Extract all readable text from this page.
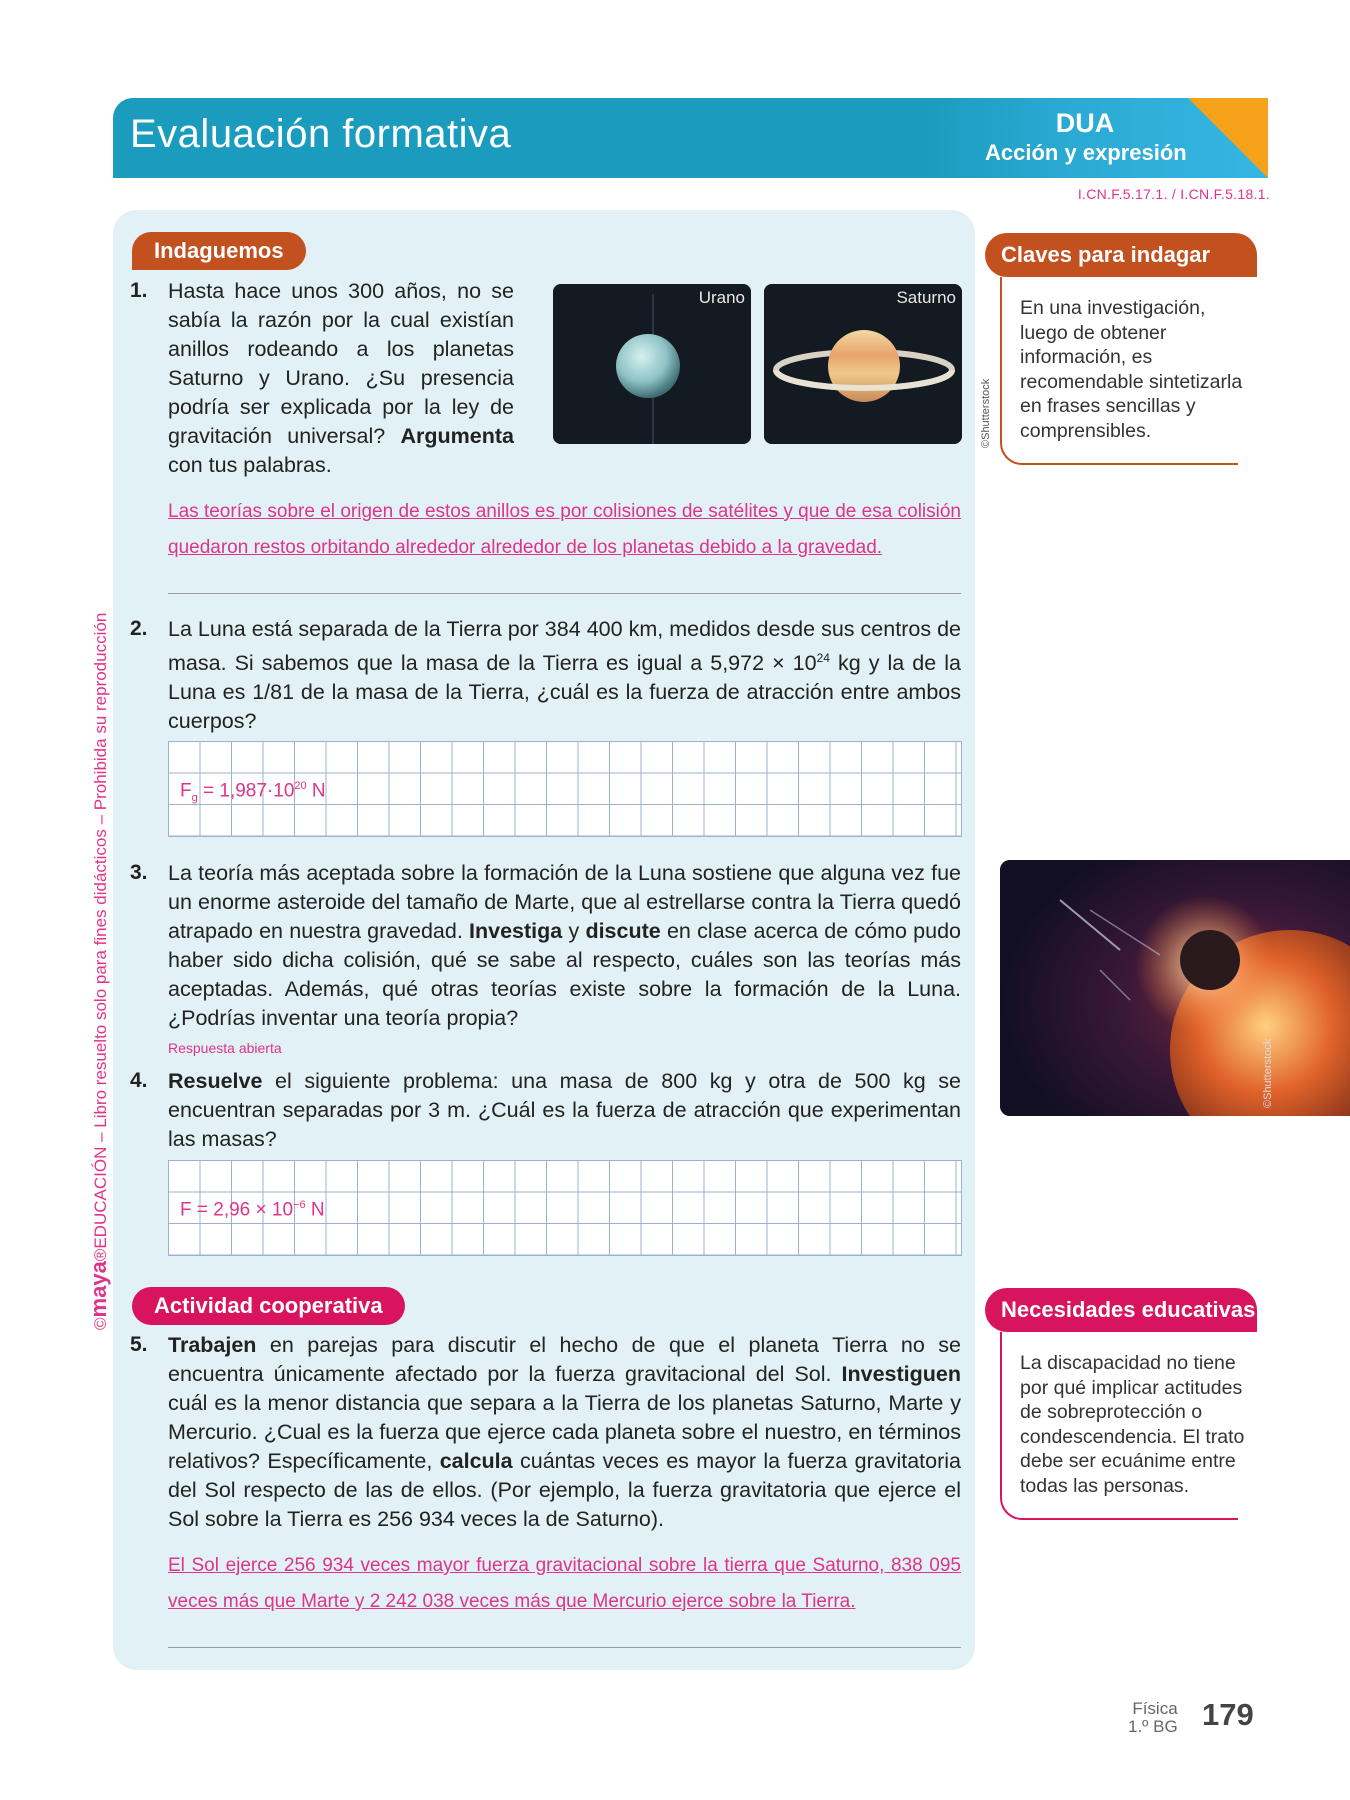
Evaluación formativa	DUA
Acción y expresión
I.CN.F.5.17.1. / I.CN.F.5.18.1.
©maya®EDUCACIÓN – Libro resuelto solo para fines didácticos – Prohibida su reproducción
Indaguemos
1. Hasta hace unos 300 años, no se sabía la razón por la cual existían anillos rodeando a los planetas Saturno y Urano. ¿Su presencia podría ser explicada por la ley de gravitación universal? Argumenta con tus palabras.
Urano	Saturno
©Shutterstock
Las teorías sobre el origen de estos anillos es por colisiones de satélites y que de esa colisión quedaron restos orbitando alrededor alrededor de los planetas debido a la gravedad.
2. La Luna está separada de la Tierra por 384 400 km, medidos desde sus centros de masa. Si sabemos que la masa de la Tierra es igual a $5,972 \times 10^{24}$ kg y la de la Luna es 1/81 de la masa de la Tierra, ¿cuál es la fuerza de atracción entre ambos cuerpos?
$F_g = 1,987\cdot 10^{20}$ N
3. La teoría más aceptada sobre la formación de la Luna sostiene que alguna vez fue un enorme asteroide del tamaño de Marte, que al estrellarse contra la Tierra quedó atrapado en nuestra gravedad. Investiga y discute en clase acerca de cómo pudo haber sido dicha colisión, qué se sabe al respecto, cuáles son las teorías más aceptadas. Además, qué otras teorías existe sobre la formación de la Luna. ¿Podrías inventar una teoría propia?
Respuesta abierta
4. Resuelve el siguiente problema: una masa de 800 kg y otra de 500 kg se encuentran separadas por 3 m. ¿Cuál es la fuerza de atracción que experimentan las masas?
$F = 2,96 \times 10^{-6}$ N
©Shutterstock
Claves para indagar
En una investigación, luego de obtener información, es recomendable sintetizarla en frases sencillas y comprensibles.
Actividad cooperativa
5. Trabajen en parejas para discutir el hecho de que el planeta Tierra no se encuentra únicamente afectado por la fuerza gravitacional del Sol. Investiguen cuál es la menor distancia que separa a la Tierra de los planetas Saturno, Marte y Mercurio. ¿Cual es la fuerza que ejerce cada planeta sobre el nuestro, en términos relativos? Específicamente, calcula cuántas veces es mayor la fuerza gravitatoria del Sol respecto de las de ellos. (Por ejemplo, la fuerza gravitatoria que ejerce el Sol sobre la Tierra es 256 934 veces la de Saturno).
El Sol ejerce 256 934 veces mayor fuerza gravitacional sobre la tierra que Saturno, 838 095 veces más que Marte y 2 242 038 veces más que Mercurio ejerce sobre la Tierra.
Necesidades educativas
La discapacidad no tiene por qué implicar actitudes de sobreprotección o condescendencia. El trato debe ser ecuánime entre todas las personas.
Física
1.º BG 179
